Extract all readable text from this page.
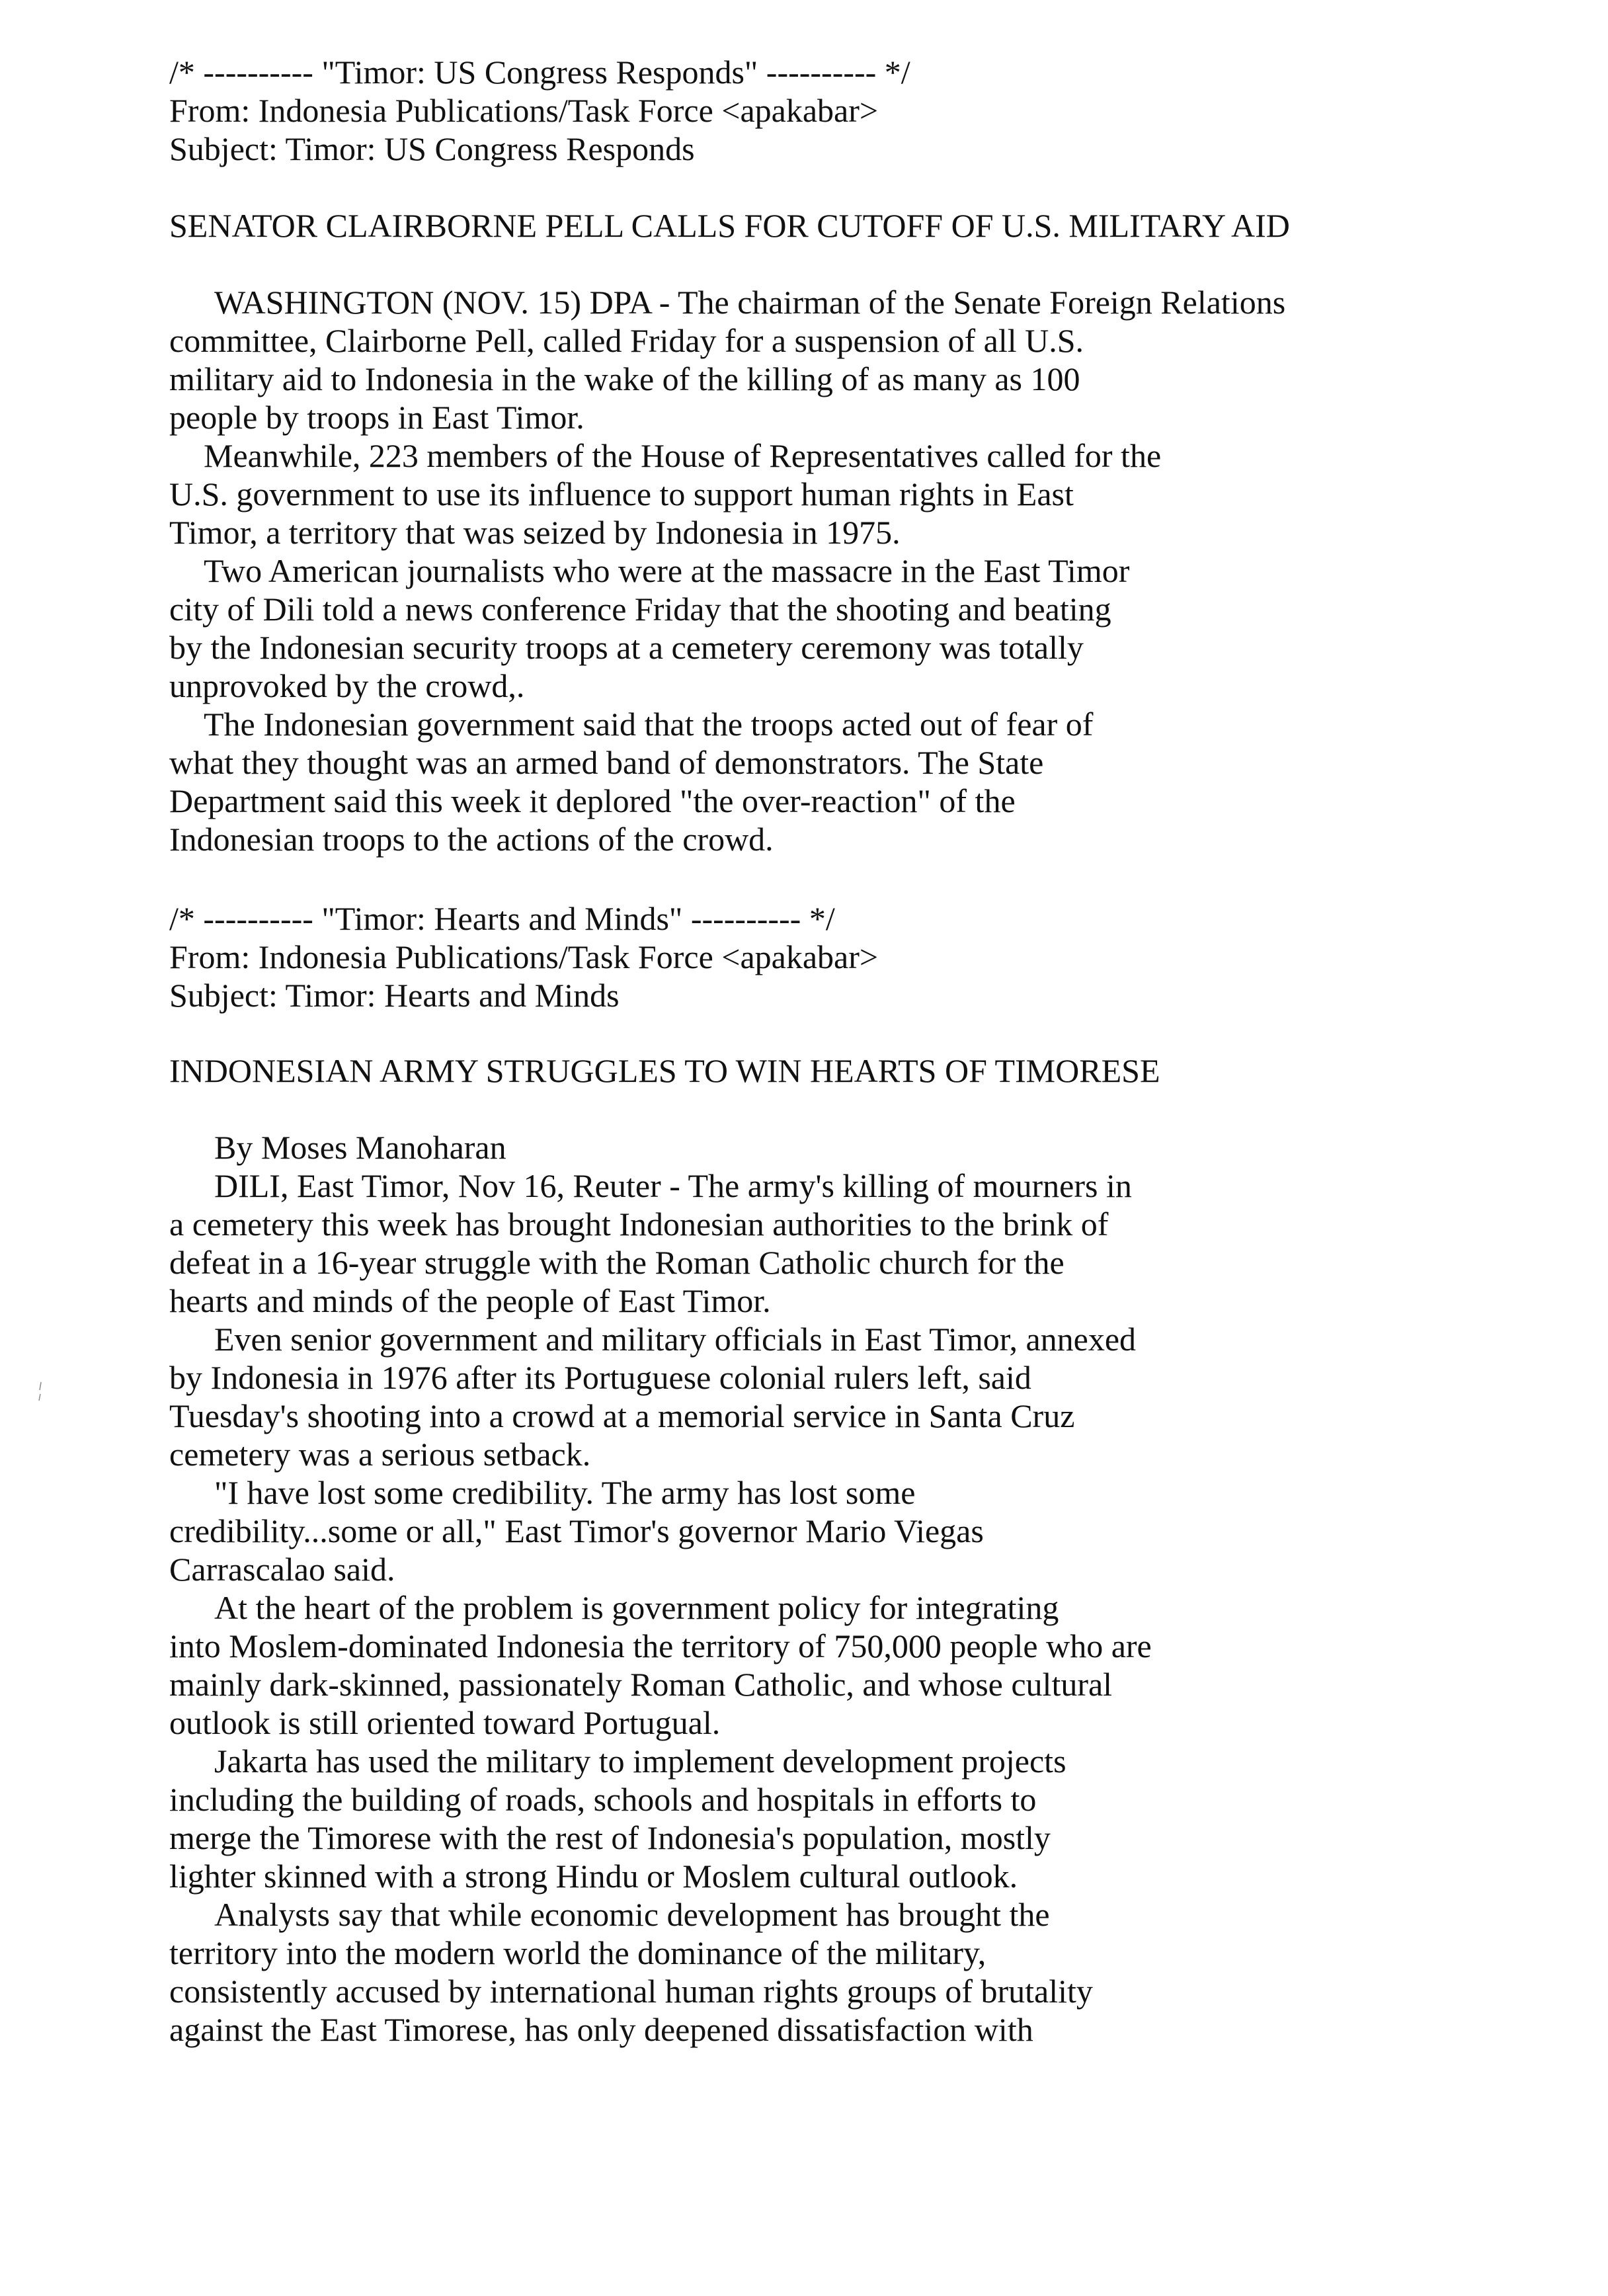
/* ---------- "Timor: US Congress Responds" ---------- */
From: Indonesia Publications/Task Force <apakabar>
Subject: Timor: US Congress Responds
SENATOR CLAIRBORNE PELL CALLS FOR CUTOFF OF U.S. MILITARY AID
WASHINGTON (NOV. 15) DPA - The chairman of the Senate Foreign Relations
committee, Clairborne Pell, called Friday for a suspension of all U.S.
military aid to Indonesia in the wake of the killing of as many as 100
people by troops in East Timor.
Meanwhile, 223 members of the House of Representatives called for the
U.S. government to use its influence to support human rights in East
Timor, a territory that was seized by Indonesia in 1975.
Two American journalists who were at the massacre in the East Timor
city of Dili told a news conference Friday that the shooting and beating
by the Indonesian security troops at a cemetery ceremony was totally
unprovoked by the crowd,.
The Indonesian government said that the troops acted out of fear of
what they thought was an armed band of demonstrators. The State
Department said this week it deplored "the over-reaction" of the
Indonesian troops to the actions of the crowd.
/* ---------- "Timor: Hearts and Minds" ---------- */
From: Indonesia Publications/Task Force <apakabar>
Subject: Timor: Hearts and Minds
INDONESIAN ARMY STRUGGLES TO WIN HEARTS OF TIMORESE
By Moses Manoharan
DILI, East Timor, Nov 16, Reuter - The army's killing of mourners in
a cemetery this week has brought Indonesian authorities to the brink of
defeat in a 16-year struggle with the Roman Catholic church for the
hearts and minds of the people of East Timor.
Even senior government and military officials in East Timor, annexed
by Indonesia in 1976 after its Portuguese colonial rulers left, said
Tuesday's shooting into a crowd at a memorial service in Santa Cruz
cemetery was a serious setback.
"I have lost some credibility. The army has lost some
credibility...some or all," East Timor's governor Mario Viegas
Carrascalao said.
At the heart of the problem is government policy for integrating
into Moslem-dominated Indonesia the territory of 750,000 people who are
mainly dark-skinned, passionately Roman Catholic, and whose cultural
outlook is still oriented toward Portugual.
Jakarta has used the military to implement development projects
including the building of roads, schools and hospitals in efforts to
merge the Timorese with the rest of Indonesia's population, mostly
lighter skinned with a strong Hindu or Moslem cultural outlook.
Analysts say that while economic development has brought the
territory into the modern world the dominance of the military,
consistently accused by international human rights groups of brutality
against the East Timorese, has only deepened dissatisfaction with
